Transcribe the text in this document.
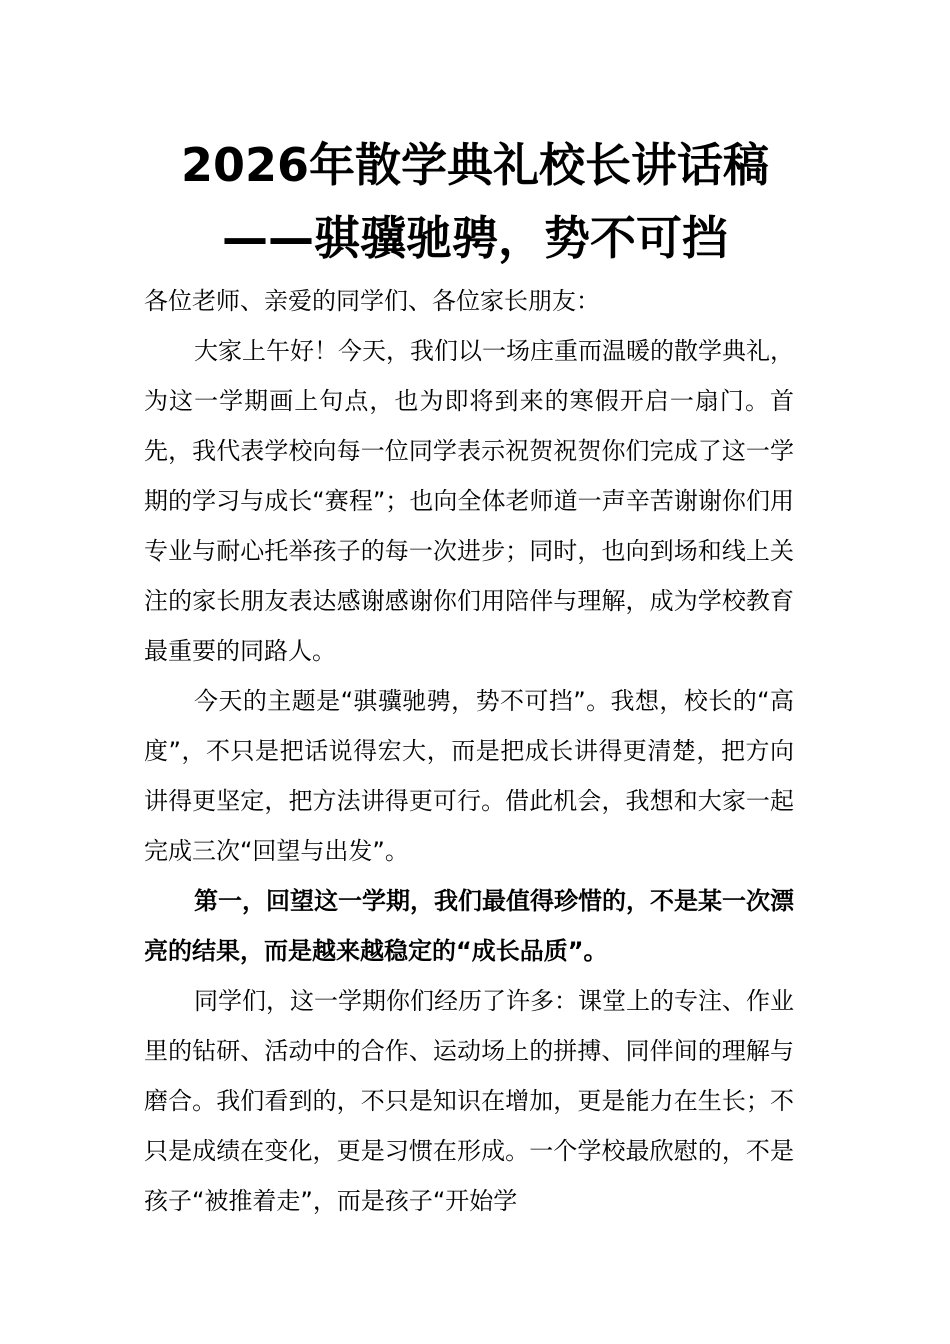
2026年散学典礼校长讲话稿
——骐骥驰骋，势不可挡

各位老师、亲爱的同学们、各位家长朋友：

大家上午好！今天，我们以一场庄重而温暖的散学典礼，为这一学期画上句点，也为即将到来的寒假开启一扇门。首先，我代表学校向每一位同学表示祝贺祝贺你们完成了这一学期的学习与成长“赛程”；也向全体老师道一声辛苦谢谢你们用专业与耐心托举孩子的每一次进步；同时，也向到场和线上关注的家长朋友表达感谢感谢你们用陪伴与理解，成为学校教育最重要的同路人。

今天的主题是“骐骥驰骋，势不可挡”。我想，校长的“高度”，不只是把话说得宏大，而是把成长讲得更清楚，把方向讲得更坚定，把方法讲得更可行。借此机会，我想和大家一起完成三次“回望与出发”。

第一，回望这一学期，我们最值得珍惜的，不是某一次漂亮的结果，而是越来越稳定的“成长品质”。

同学们，这一学期你们经历了许多：课堂上的专注、作业里的钻研、活动中的合作、运动场上的拼搏、同伴间的理解与磨合。我们看到的，不只是知识在增加，更是能力在生长；不只是成绩在变化，更是习惯在形成。一个学校最欣慰的，不是孩子“被推着走”，而是孩子“开始学
